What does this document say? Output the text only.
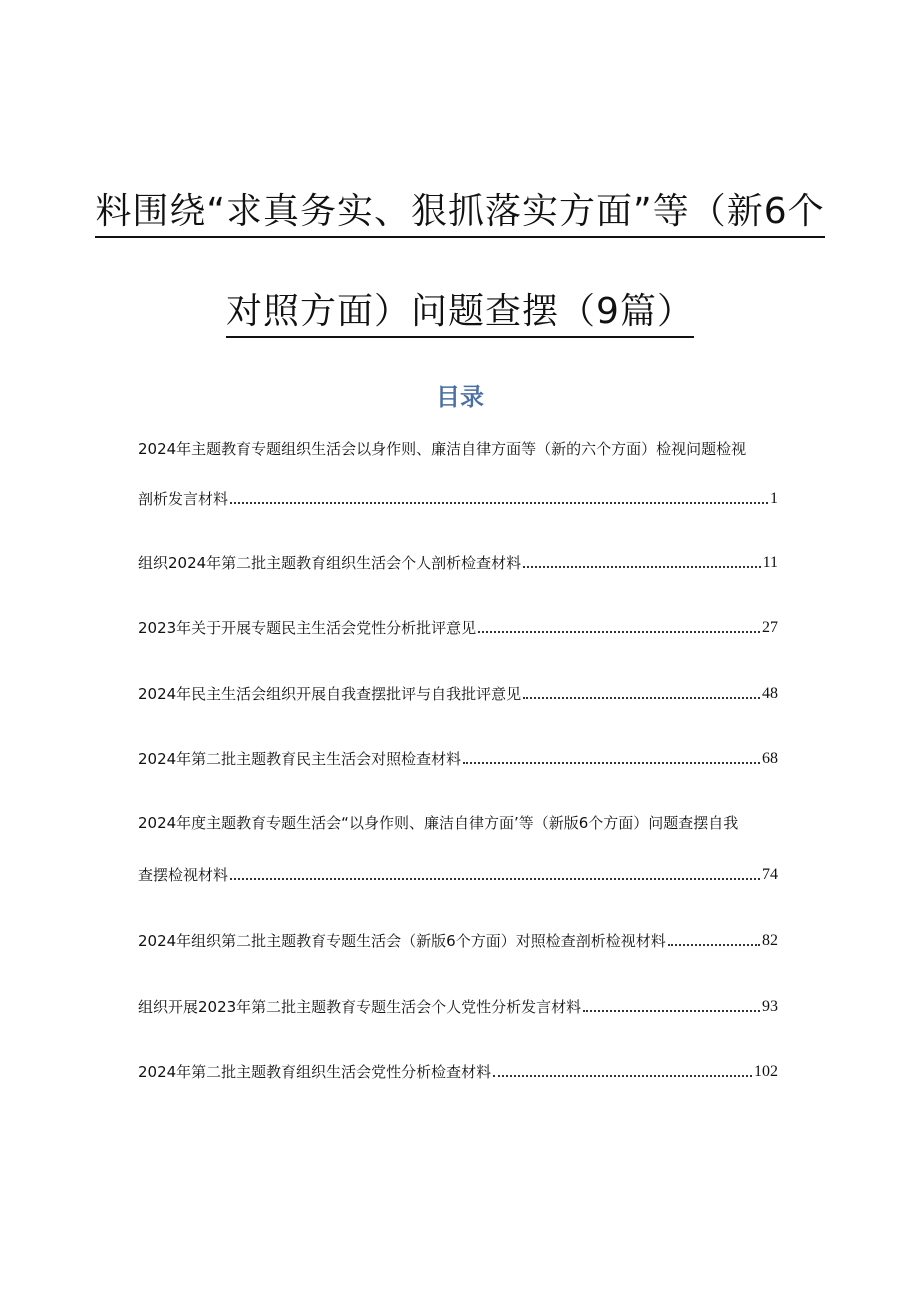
料围绕“求真务实、狠抓落实方面”等（新6个
对照方面）问题查摆（9篇）
目录
2024年主题教育专题组织生活会以身作则、廉洁自律方面等（新的六个方面）检视问题检视
剖析发言材料	1
组织2024年第二批主题教育组织生活会个人剖析检查材料	11
2023年关于开展专题民主生活会党性分析批评意见	27
2024年民主生活会组织开展自我查摆批评与自我批评意见	48
2024年第二批主题教育民主生活会对照检查材料	68
2024年度主题教育专题生活会“以身作则、廉洁自律方面’等（新版6个方面）问题查摆自我
查摆检视材料	74
2024年组织第二批主题教育专题生活会（新版6个方面）对照检查剖析检视材料	82
组织开展2023年第二批主题教育专题生活会个人党性分析发言材料	93
2024年第二批主题教育组织生活会党性分析检查材料	102
